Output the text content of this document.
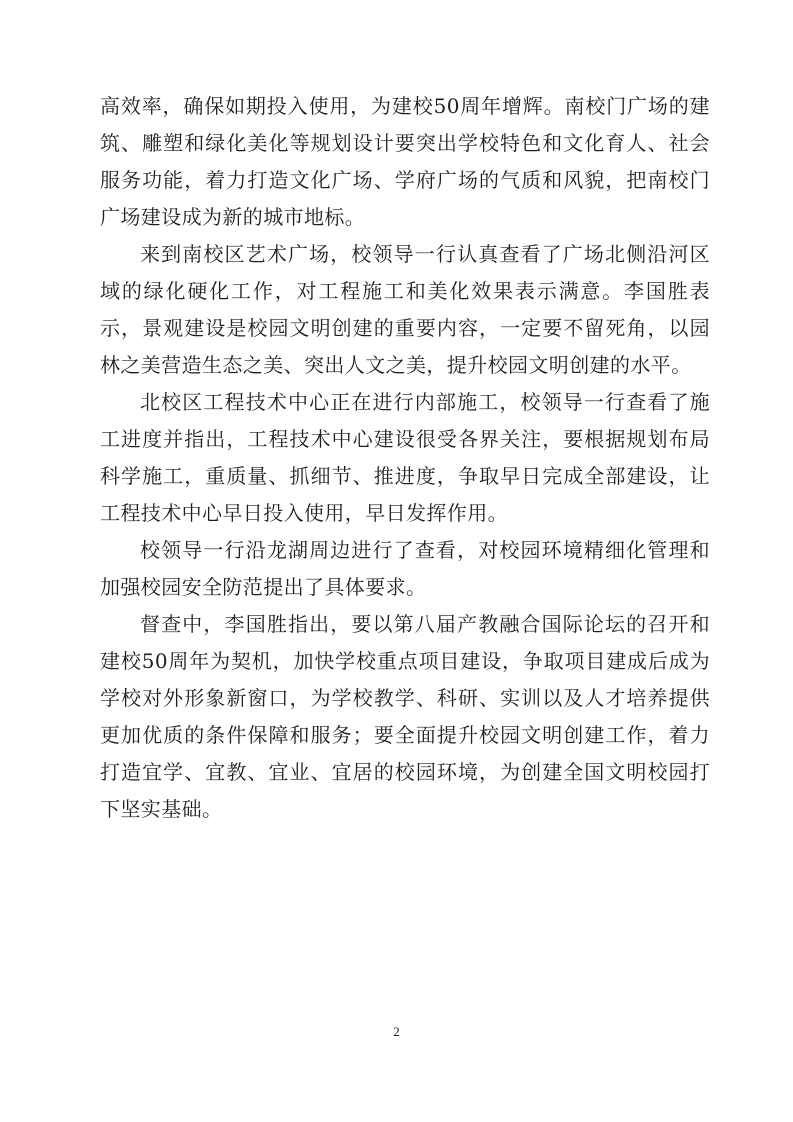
高效率，确保如期投入使用，为建校50周年增辉。南校门广场的建筑、雕塑和绿化美化等规划设计要突出学校特色和文化育人、社会服务功能，着力打造文化广场、学府广场的气质和风貌，把南校门广场建设成为新的城市地标。

来到南校区艺术广场，校领导一行认真查看了广场北侧沿河区域的绿化硬化工作，对工程施工和美化效果表示满意。李国胜表示，景观建设是校园文明创建的重要内容，一定要不留死角，以园林之美营造生态之美、突出人文之美，提升校园文明创建的水平。

北校区工程技术中心正在进行内部施工，校领导一行查看了施工进度并指出，工程技术中心建设很受各界关注，要根据规划布局科学施工，重质量、抓细节、推进度，争取早日完成全部建设，让工程技术中心早日投入使用，早日发挥作用。

校领导一行沿龙湖周边进行了查看，对校园环境精细化管理和加强校园安全防范提出了具体要求。

督查中，李国胜指出，要以第八届产教融合国际论坛的召开和建校50周年为契机，加快学校重点项目建设，争取项目建成后成为学校对外形象新窗口，为学校教学、科研、实训以及人才培养提供更加优质的条件保障和服务；要全面提升校园文明创建工作，着力打造宜学、宜教、宜业、宜居的校园环境，为创建全国文明校园打下坚实基础。

2
